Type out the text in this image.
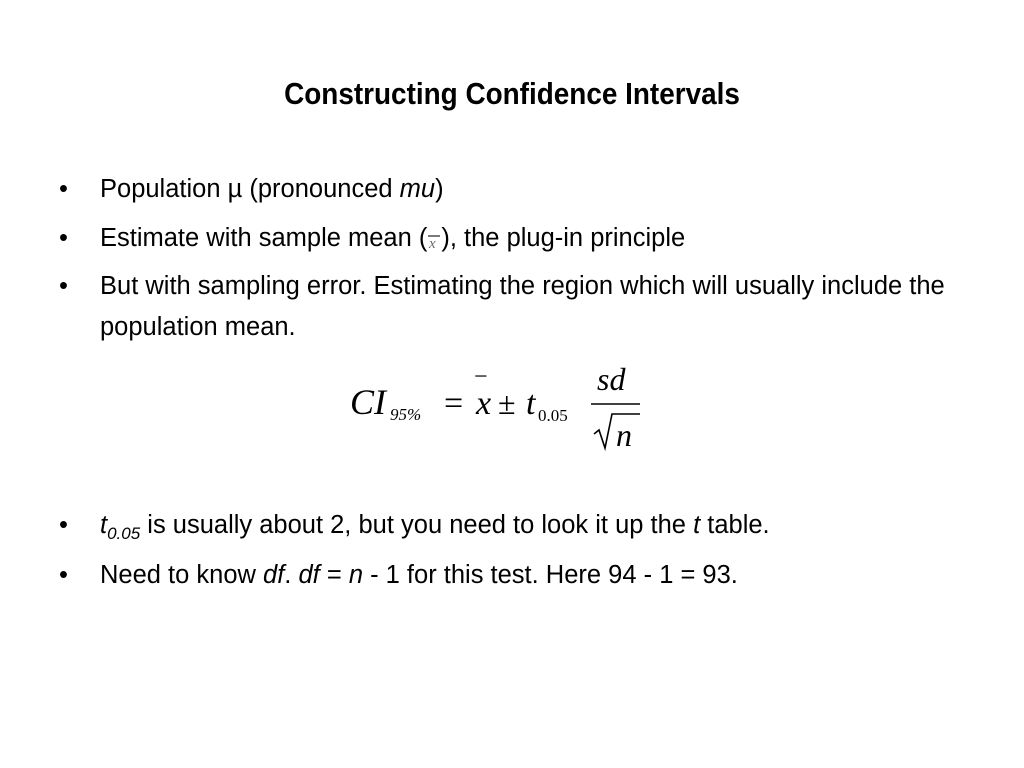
Constructing Confidence Intervals
• Population µ (pronounced mu)
• Estimate with sample mean ( x ), the plug-in principle
• But with sampling error. Estimating the region which will usually include the population mean.
CI 95% =
−
x ± t 0.05
sd
n
• $t_{0.05}$ is usually about 2, but you need to look it up the t table.
• Need to know df. df = n - 1 for this test. Here 94 - 1 = 93.
